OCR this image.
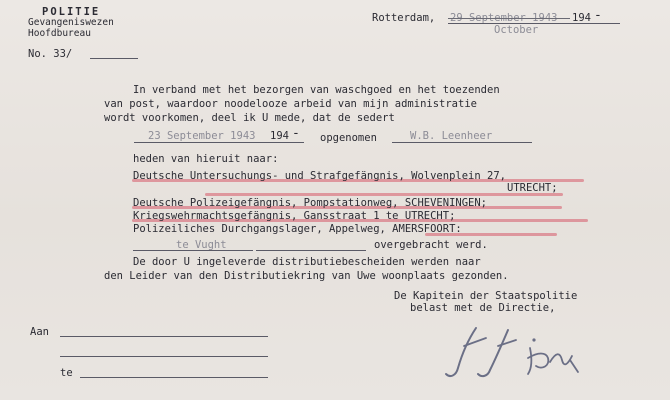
POLITIE
Gevangeniswezen
Hoofdbureau
No. 33/
Rotterdam, 29 September 1943 194 -
October
In verband met het bezorgen van waschgoed en het toezenden
van post, waardoor noodelooze arbeid van mijn administratie
wordt voorkomen, deel ik U mede, dat de sedert
23 September 1943 194 - opgenomen	W.B. Leenheer
heden van hieruit naar:
Deutsche Untersuchungs- und Strafgefängnis, Wolvenplein 27,
UTRECHT;
Deutsche Polizeigefängnis, Pompstationweg, SCHEVENINGEN;
Kriegswehrmachtsgefängnis, Gansstraat 1 te UTRECHT;
Polizeiliches Durchgangslager, Appelweg, AMERSFOORT:
te Vught	overgebracht werd.
De door U ingeleverde distributiebescheiden werden naar
den Leider van den Distributiekring van Uwe woonplaats gezonden.
De Kapitein der Staatspolitie
belast met de Directie,
Aan
te
